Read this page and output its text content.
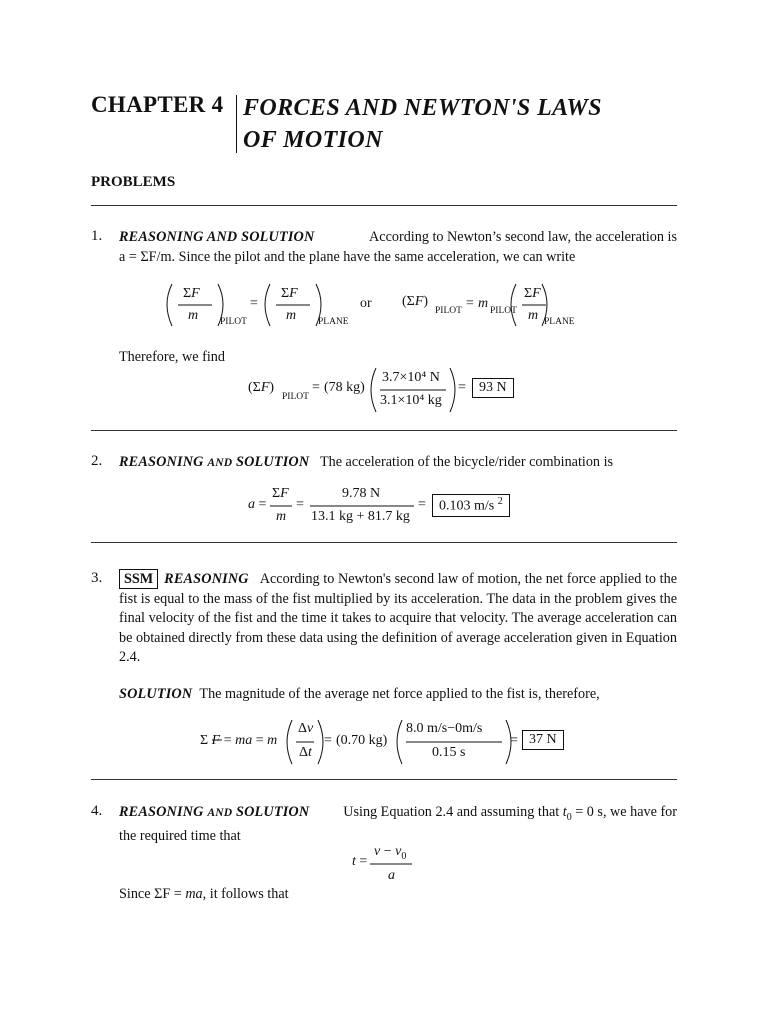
CHAPTER 4 FORCES AND NEWTON'S LAWS
OF MOTION
PROBLEMS
1. REASONING AND SOLUTION	According to Newton’s second law, the acceleration is
a = ΣF/m. Since the pilot and the plane have the same acceleration, we can write
ΣF
m PILOT
=
ΣF
m PLANE
or (ΣF)
PILOT = m PILOT
ΣF
m PLANE
Therefore, we find
(ΣF)
PILOT
= (78 kg)
3.7×10⁴ N
3.1×10⁴ kg
= 93 N
2. REASONING AND SOLUTION The acceleration of the bicycle/rider combination is
a =
ΣF
m
=
9.78 N
13.1 kg + 81.7 kg
= 0.103 m/s $^2$
3.	SSM REASONING According to Newton's second law of motion, the net force applied to the fist is equal to the mass of the fist multiplied by its acceleration. The data in the problem gives the final velocity of the fist and the time it takes to acquire that velocity. The average acceleration can be obtained directly from these data using the definition of average acceleration given in Equation 2.4.
SOLUTION The magnitude of the average net force applied to the fist is, therefore,
Σ F = ma = m
Δv
Δt
= (0.70 kg)
8.0 m/s−0m/s
0.15 s
= 37 N
4. REASONING AND SOLUTION Using Equation 2.4 and assuming that $t_0 = 0$ s, we have for
the required time that
t =
$v - v_0$
a
Since ΣF = ma, it follows that
